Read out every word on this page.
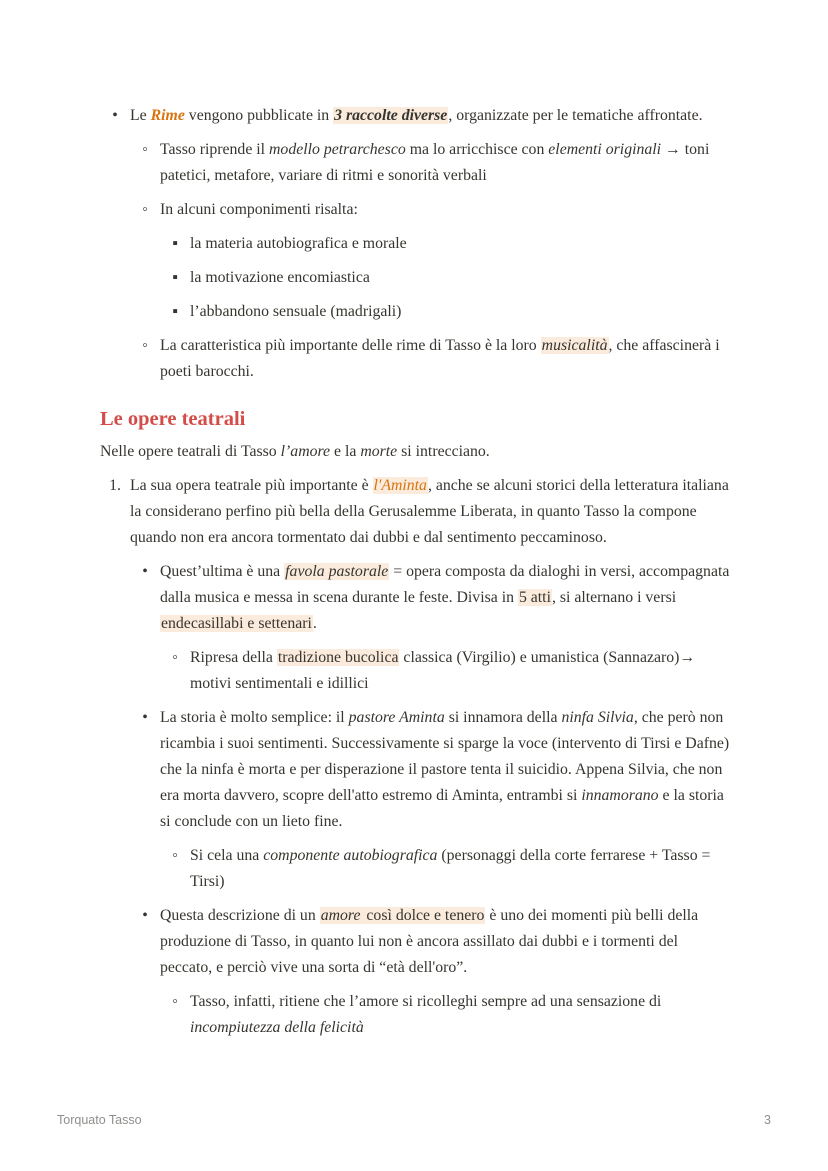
• Le Rime vengono pubblicate in 3 raccolte diverse, organizzate per le tematiche affrontate.
◦ Tasso riprende il modello petrarchesco ma lo arricchisce con elementi originali → toni patetici, metafore, variare di ritmi e sonorità verbali
◦ In alcuni componimenti risalta:
▪ la materia autobiografica e morale
▪ la motivazione encomiastica
▪ l’abbandono sensuale (madrigali)
◦ La caratteristica più importante delle rime di Tasso è la loro musicalità, che affascinerà i poeti barocchi.
Le opere teatrali

Nelle opere teatrali di Tasso l’amore e la morte si intrecciano.

1. La sua opera teatrale più importante è l'Aminta, anche se alcuni storici della letteratura italiana la considerano perfino più bella della Gerusalemme Liberata, in quanto Tasso la compone quando non era ancora tormentato dai dubbi e dal sentimento peccaminoso.
• Quest’ultima è una favola pastorale = opera composta da dialoghi in versi, accompagnata dalla musica e messa in scena durante le feste. Divisa in 5 atti, si alternano i versi endecasillabi e settenari.
◦ Ripresa della tradizione bucolica classica (Virgilio) e umanistica (Sannazaro)→ motivi sentimentali e idillici
• La storia è molto semplice: il pastore Aminta si innamora della ninfa Silvia, che però non ricambia i suoi sentimenti. Successivamente si sparge la voce (intervento di Tirsi e Dafne) che la ninfa è morta e per disperazione il pastore tenta il suicidio. Appena Silvia, che non era morta davvero, scopre dell'atto estremo di Aminta, entrambi si innamorano e la storia si conclude con un lieto fine.
◦ Si cela una componente autobiografica (personaggi della corte ferrarese + Tasso = Tirsi)
• Questa descrizione di un amore così dolce e tenero è uno dei momenti più belli della produzione di Tasso, in quanto lui non è ancora assillato dai dubbi e i tormenti del peccato, e perciò vive una sorta di “età dell'oro”.
◦ Tasso, infatti, ritiene che l’amore si ricolleghi sempre ad una sensazione di incompiutezza della felicità
Torquato Tasso	3
